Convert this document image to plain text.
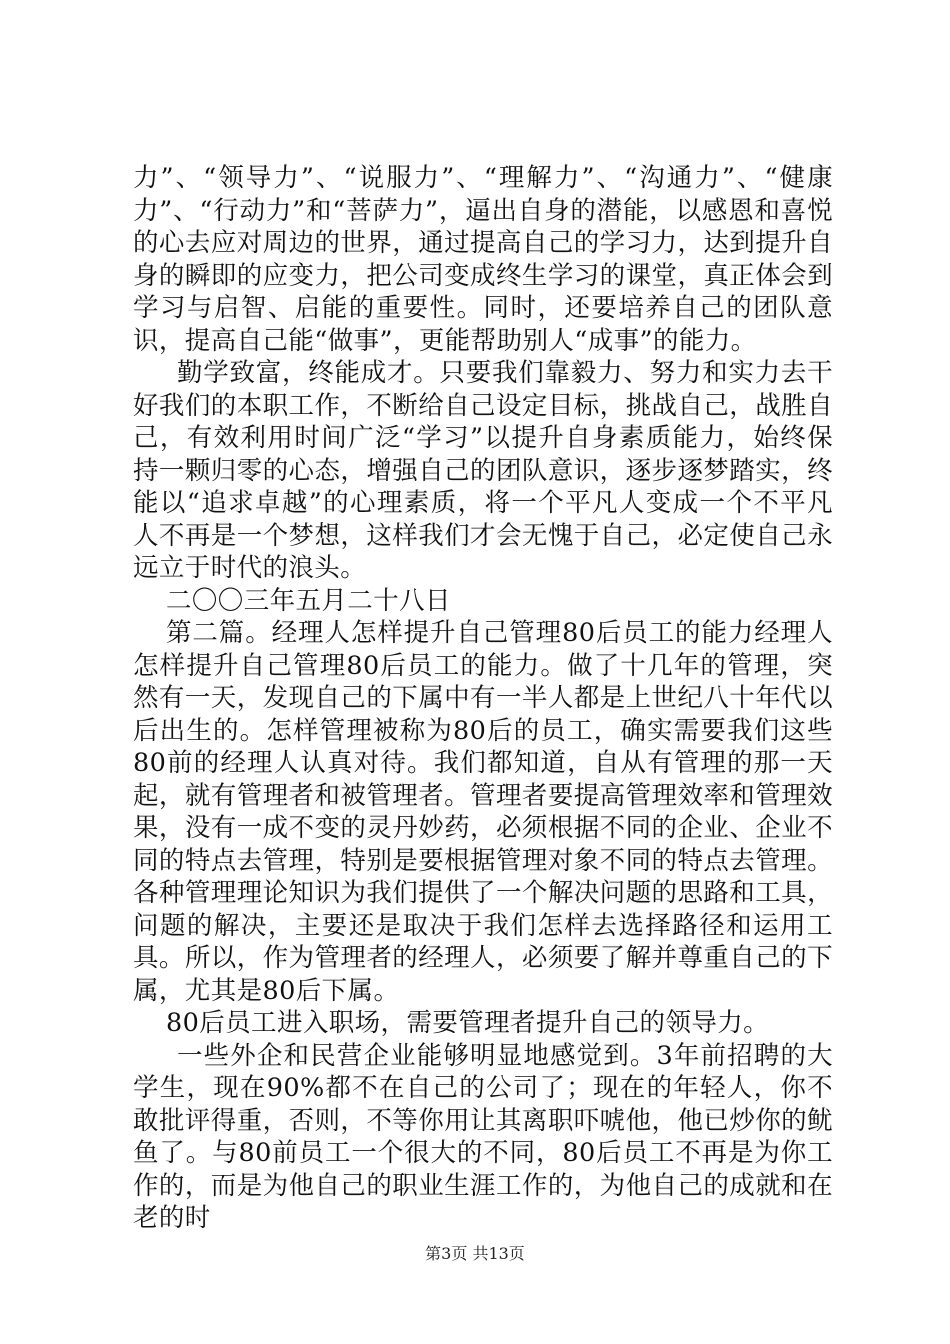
力”、“领导力”、“说服力”、“理解力”、“沟通力”、“健康力”、“行动力”和“菩萨力”，逼出自身的潜能，以感恩和喜悦的心去应对周边的世界，通过提高自己的学习力，达到提升自身的瞬即的应变力，把公司变成终生学习的课堂，真正体会到学习与启智、启能的重要性。同时，还要培养自己的团队意识，提高自己能“做事”，更能帮助别人“成事”的能力。

勤学致富，终能成才。只要我们靠毅力、努力和实力去干好我们的本职工作，不断给自己设定目标，挑战自己，战胜自己，有效利用时间广泛“学习”以提升自身素质能力，始终保持一颗归零的心态，增强自己的团队意识，逐步逐梦踏实，终能以“追求卓越”的心理素质，将一个平凡人变成一个不平凡人不再是一个梦想，这样我们才会无愧于自己，必定使自己永远立于时代的浪头。

二〇〇三年五月二十八日

第二篇。经理人怎样提升自己管理80后员工的能力经理人怎样提升自己管理80后员工的能力。做了十几年的管理，突然有一天，发现自己的下属中有一半人都是上世纪八十年代以后出生的。怎样管理被称为80后的员工，确实需要我们这些80前的经理人认真对待。我们都知道，自从有管理的那一天起，就有管理者和被管理者。管理者要提高管理效率和管理效果，没有一成不变的灵丹妙药，必须根据不同的企业、企业不同的特点去管理，特别是要根据管理对象不同的特点去管理。各种管理理论知识为我们提供了一个解决问题的思路和工具，问题的解决，主要还是取决于我们怎样去选择路径和运用工具。所以，作为管理者的经理人，必须要了解并尊重自己的下属，尤其是80后下属。

80后员工进入职场，需要管理者提升自己的领导力。

一些外企和民营企业能够明显地感觉到。3年前招聘的大学生，现在90%都不在自己的公司了；现在的年轻人，你不敢批评得重，否则，不等你用让其离职吓唬他，他已炒你的鱿鱼了。与80前员工一个很大的不同，80后员工不再是为你工作的，而是为他自己的职业生涯工作的，为他自己的成就和在老的时

第3页 共13页
